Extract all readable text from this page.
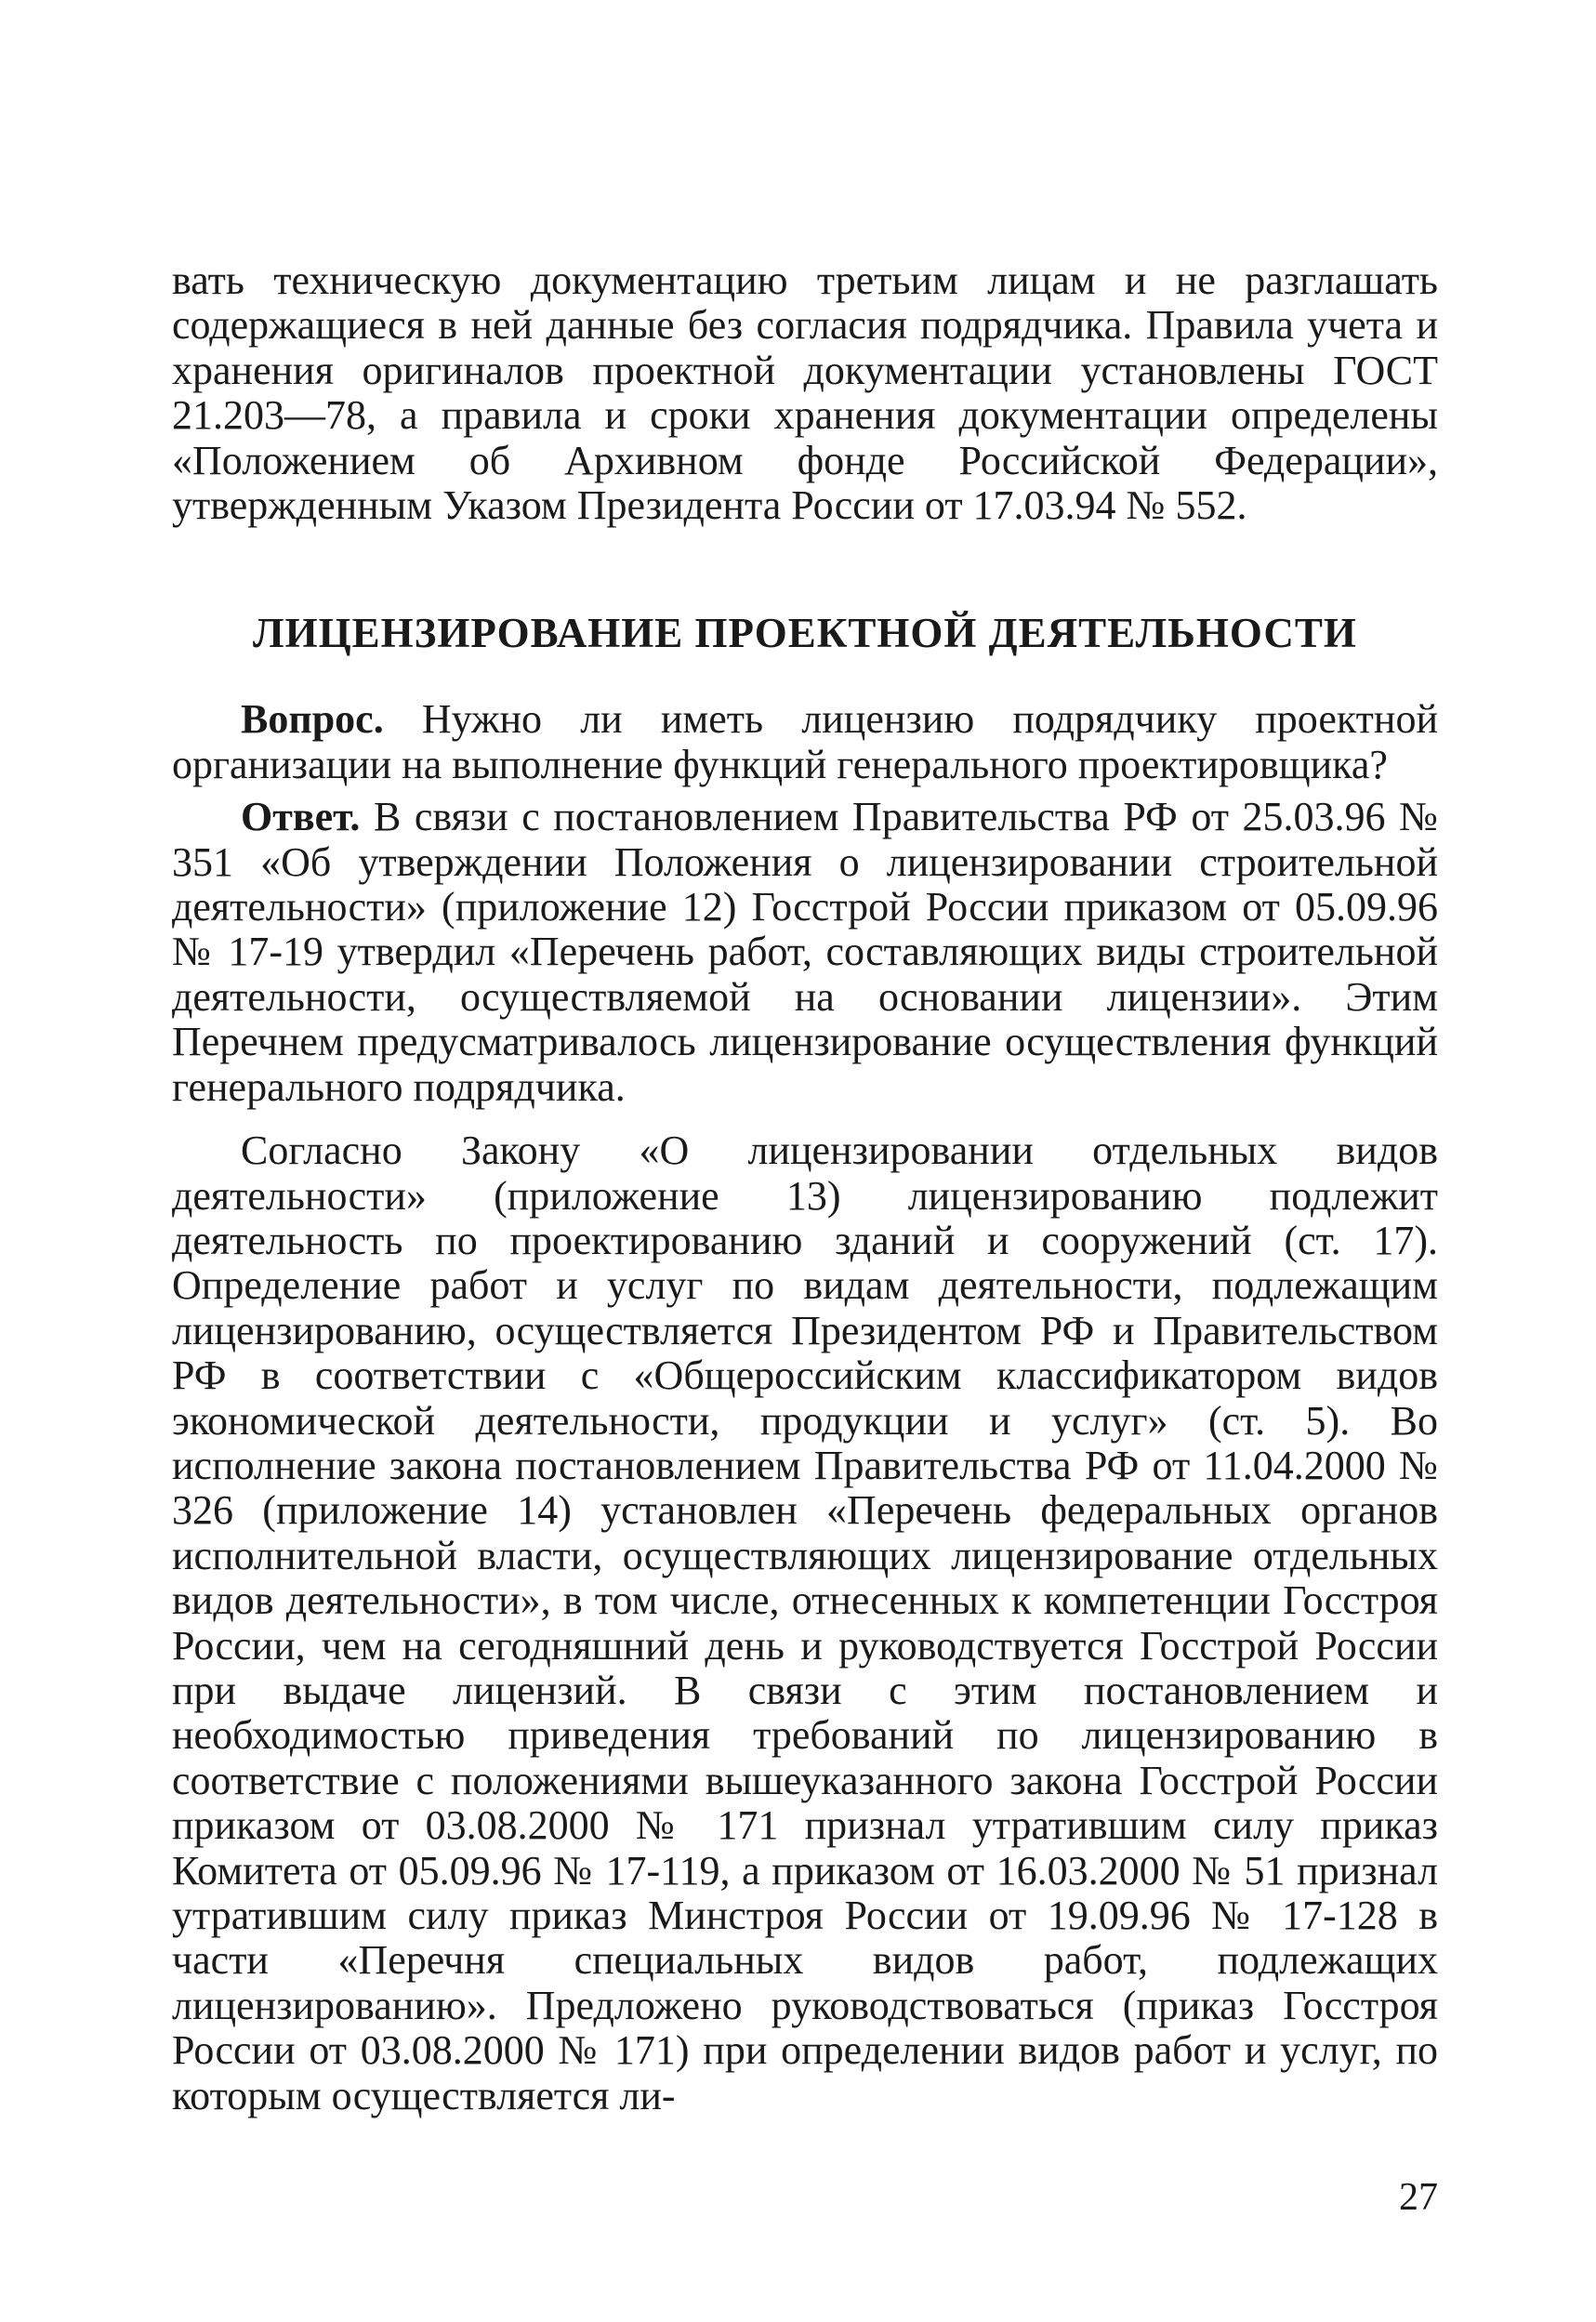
вать техническую документацию третьим лицам и не разглашать содержащиеся в ней данные без согласия подрядчика. Правила учета и хранения оригиналов проектной документации установлены ГОСТ 21.203—78, а правила и сроки хранения документации определены «Положением об Архивном фонде Российской Федерации», утвержденным Указом Президента России от 17.03.94 № 552.

ЛИЦЕНЗИРОВАНИЕ ПРОЕКТНОЙ ДЕЯТЕЛЬНОСТИ

Вопрос. Нужно ли иметь лицензию подрядчику проектной организации на выполнение функций генерального проектировщика?

Ответ. В связи с постановлением Правительства РФ от 25.03.96 № 351 «Об утверждении Положения о лицензировании строительной деятельности» (приложение 12) Госстрой России приказом от 05.09.96 № 17-19 утвердил «Перечень работ, составляющих виды строительной деятельности, осуществляемой на основании лицензии». Этим Перечнем предусматривалось лицензирование осуществления функций генерального подрядчика.

Согласно Закону «О лицензировании отдельных видов деятельности» (приложение 13) лицензированию подлежит деятельность по проектированию зданий и сооружений (ст. 17). Определение работ и услуг по видам деятельности, подлежащим лицензированию, осуществляется Президентом РФ и Правительством РФ в соответствии с «Общероссийским классификатором видов экономической деятельности, продукции и услуг» (ст. 5). Во исполнение закона постановлением Правительства РФ от 11.04.2000 № 326 (приложение 14) установлен «Перечень федеральных органов исполнительной власти, осуществляющих лицензирование отдельных видов деятельности», в том числе, отнесенных к компетенции Госстроя России, чем на сегодняшний день и руководствуется Госстрой России при выдаче лицензий. В связи с этим постановлением и необходимостью приведения требований по лицензированию в соответствие с положениями вышеуказанного закона Госстрой России приказом от 03.08.2000 № 171 признал утратившим силу приказ Комитета от 05.09.96 № 17-119, а приказом от 16.03.2000 № 51 признал утратившим силу приказ Минстроя России от 19.09.96 № 17-128 в части «Перечня специальных видов работ, подлежащих лицензированию». Предложено руководствоваться (приказ Госстроя России от 03.08.2000 № 171) при определении видов работ и услуг, по которым осуществляется ли-

27
